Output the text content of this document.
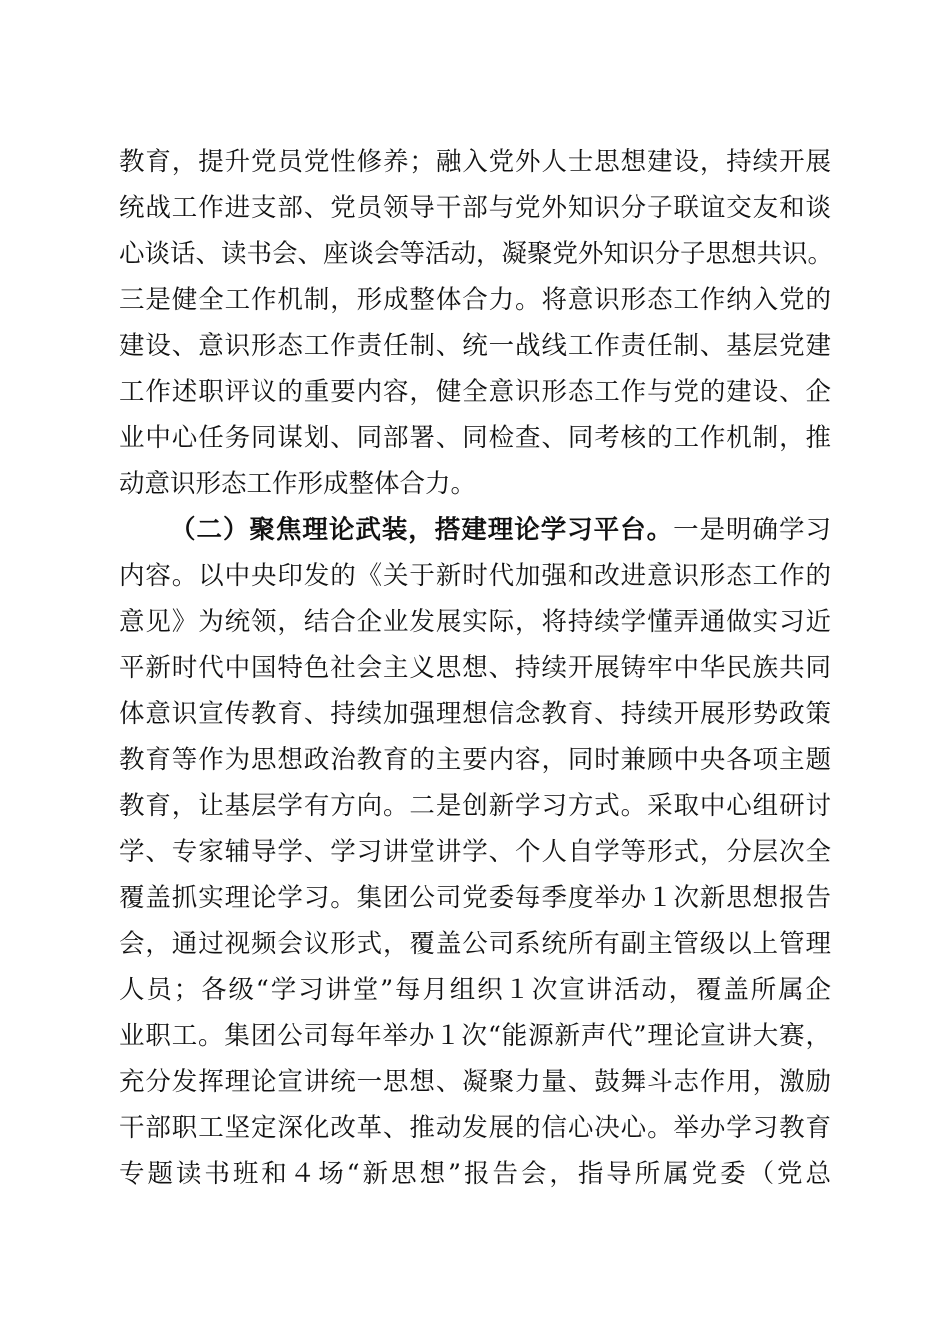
教育，提升党员党性修养；融入党外人士思想建设，持续开展
统战工作进支部、党员领导干部与党外知识分子联谊交友和谈
心谈话、读书会、座谈会等活动，凝聚党外知识分子思想共识。
三是健全工作机制，形成整体合力。将意识形态工作纳入党的
建设、意识形态工作责任制、统一战线工作责任制、基层党建
工作述职评议的重要内容，健全意识形态工作与党的建设、企
业中心任务同谋划、同部署、同检查、同考核的工作机制，推
动意识形态工作形成整体合力。
（二）聚焦理论武装，搭建理论学习平台。一是明确学习
内容。以中央印发的《关于新时代加强和改进意识形态工作的
意见》为统领，结合企业发展实际，将持续学懂弄通做实习近
平新时代中国特色社会主义思想、持续开展铸牢中华民族共同
体意识宣传教育、持续加强理想信念教育、持续开展形势政策
教育等作为思想政治教育的主要内容，同时兼顾中央各项主题
教育，让基层学有方向。二是创新学习方式。采取中心组研讨
学、专家辅导学、学习讲堂讲学、个人自学等形式，分层次全
覆盖抓实理论学习。集团公司党委每季度举办１次新思想报告
会，通过视频会议形式，覆盖公司系统所有副主管级以上管理
人员；各级“学习讲堂”每月组织１次宣讲活动，覆盖所属企
业职工。集团公司每年举办１次“能源新声代”理论宣讲大赛，
充分发挥理论宣讲统一思想、凝聚力量、鼓舞斗志作用，激励
干部职工坚定深化改革、推动发展的信心决心。举办学习教育
专题读书班和４场“新思想”报告会，指导所属党委（党总
